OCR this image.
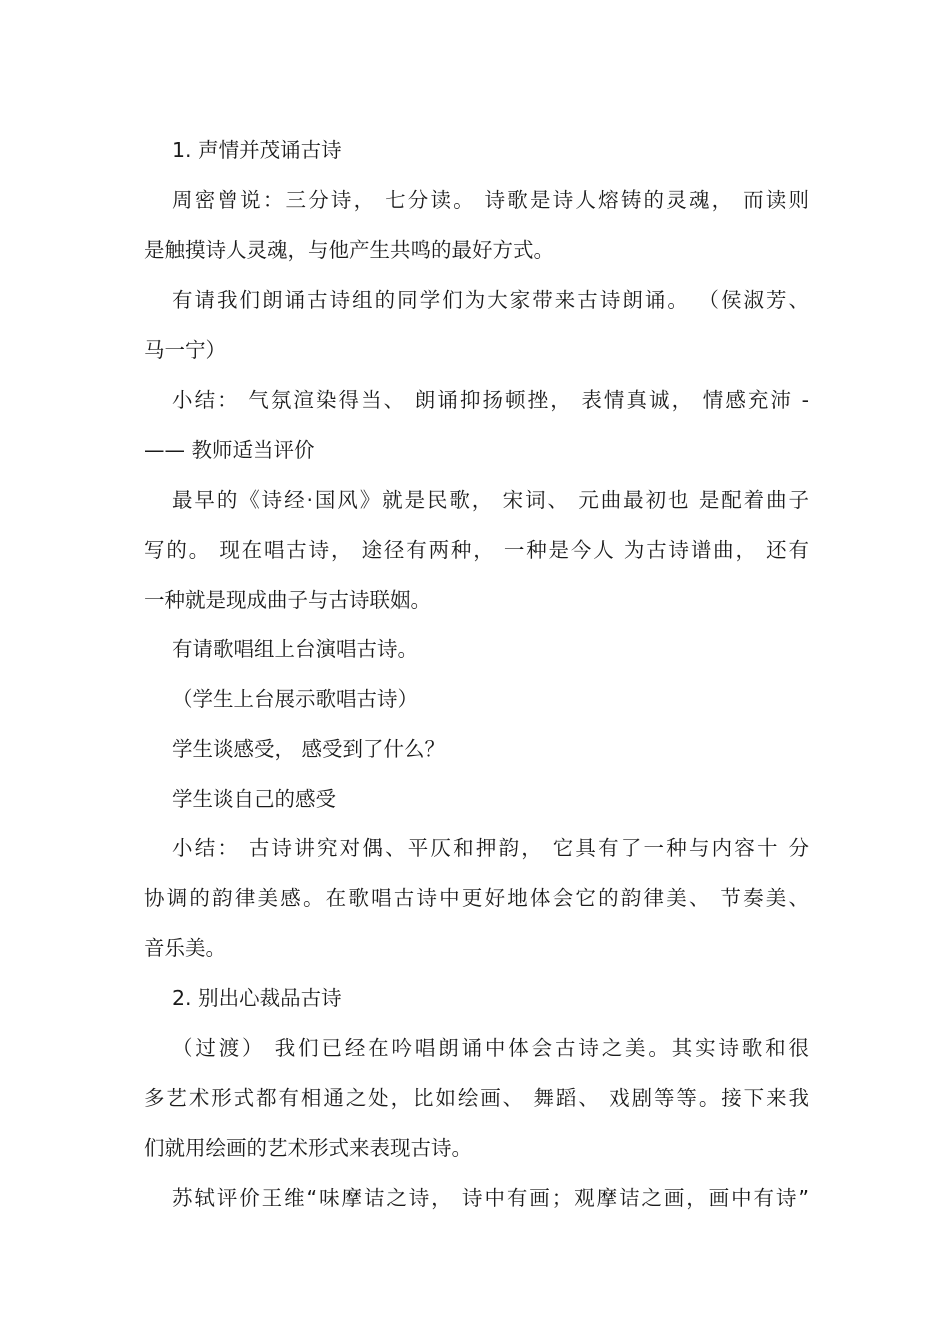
1. 声情并茂诵古诗
周密曾说：三分诗， 七分读。 诗歌是诗人熔铸的灵魂， 而读则
是触摸诗人灵魂，与他产生共鸣的最好方式。
有请我们朗诵古诗组的同学们为大家带来古诗朗诵。 （侯淑芳、
马一宁）
小结： 气氛渲染得当、 朗诵抑扬顿挫， 表情真诚， 情感充沛 -
—— 教师适当评价
最早的《诗经·国风》就是民歌， 宋词、 元曲最初也 是配着曲子
写的。 现在唱古诗， 途径有两种， 一种是今人 为古诗谱曲， 还有
一种就是现成曲子与古诗联姻。
有请歌唱组上台演唱古诗。
（学生上台展示歌唱古诗）
学生谈感受， 感受到了什么？
学生谈自己的感受
小结： 古诗讲究对偶、平仄和押韵， 它具有了一种与内容十 分
协调的韵律美感。在歌唱古诗中更好地体会它的韵律美、 节奏美、
音乐美。
2. 别出心裁品古诗
（过渡） 我们已经在吟唱朗诵中体会古诗之美。其实诗歌和很
多艺术形式都有相通之处，比如绘画、 舞蹈、 戏剧等等。接下来我
们就用绘画的艺术形式来表现古诗。
苏轼评价王维“味摩诘之诗， 诗中有画；观摩诘之画，画中有诗”
